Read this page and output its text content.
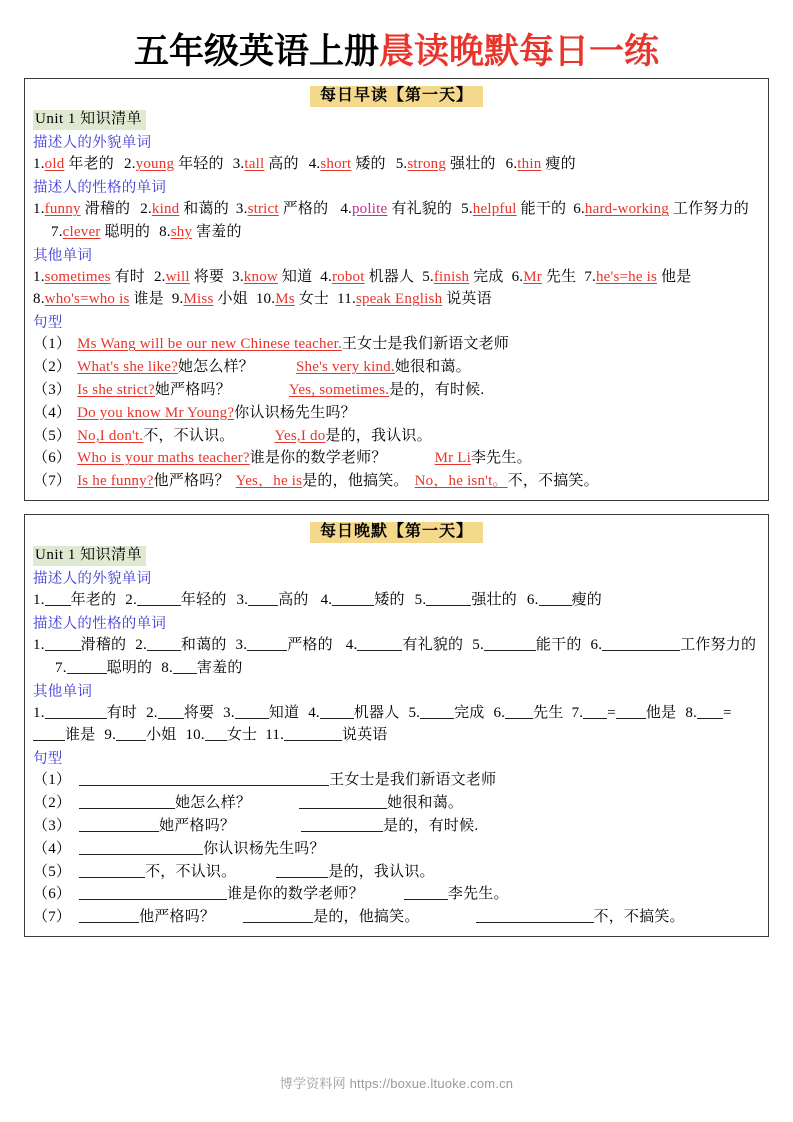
五年级英语上册晨读晚默每日一练
每日早读【第一天】
Unit 1 知识清单
描述人的外貌单词
1.old 年老的 2.young 年轻的 3.tall 高的 4.short 矮的 5.strong 强壮的 6.thin 瘦的
描述人的性格的单词
1.funny 滑稽的 2.kind 和蔼的 3.strict 严格的 4.polite 有礼貌的 5.helpful 能干的 6.hard-working 工作努力的7.clever 聪明的 8.shy 害羞的
其他单词
1.sometimes 有时 2.will 将要 3.know 知道 4.robot 机器人 5.finish 完成 6.Mr 先生 7.he's=he is 他是8.who's=who is 谁是 9.Miss 小姐 10.Ms 女士 11.speak English 说英语
句型
（1） Ms Wang will be our new Chinese teacher.王女士是我们新语文老师
（2） What's she like?她怎么样？	She's very kind.她很和蔼。
（3） Is she strict?她严格吗？	Yes, sometimes.是的，有时候.
（4） Do you know Mr Young?你认识杨先生吗？
（5） No,I don't.不，不认识。	Yes,I do是的，我认识。
（6） Who is your maths teacher?谁是你的数学老师？	Mr Li李先生。
（7） Is he funny?他严格吗？ Yes，he is是的，他搞笑。 No，he isn't。不，不搞笑。
每日晚默【第一天】
Unit 1 知识清单
描述人的外貌单词
1. 年老的 2.	年轻的 3. 高的 4.	矮的 5.	强壮的 6. 瘦的
描述人的性格的单词
1. 滑稽的 2. 和蔼的 3.	严格的 4.	有礼貌的 5.	能干的 6.	工作努力的7.	聪明的 8. 害羞的
其他单词
1.	有时 2. 将要 3. 知道 4. 机器人 5. 完成 6. 先生 7. = 他是 8. =谁是 9. 小姐 10. 女士 11.	说英语
句型
（1）	王女士是我们新语文老师
（2）	她怎么样？	她很和蔼。
（3）	她严格吗？	是的，有时候.
（4）	你认识杨先生吗？
（5）	不，不认识。	是的，我认识。
（6）	谁是你的数学老师？	李先生。
（7）	他严格吗？	是的，他搞笑。	不，不搞笑。
博学资料网 https://boxue.ltuoke.com.cn
